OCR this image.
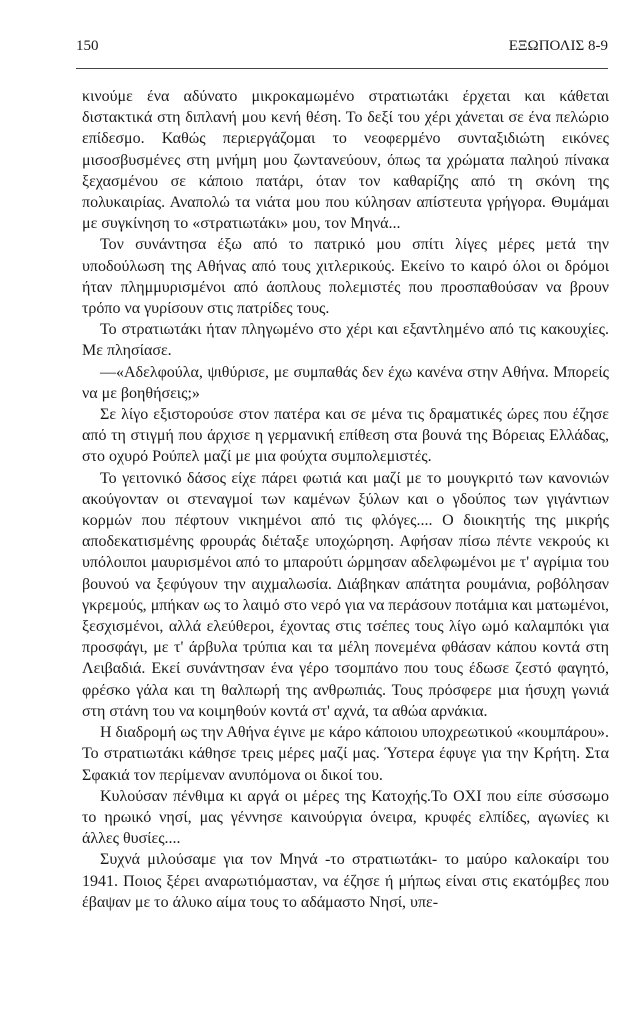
150	ΕΞΩΠΟΛΙΣ 8-9

κινούμε ένα αδύνατο μικροκαμωμένο στρατιωτάκι έρχεται και κάθεται διστακτικά στη διπλανή μου κενή θέση. Το δεξί του χέρι χάνεται σε ένα πελώριο επίδεσμο. Καθώς περιεργάζομαι το νεοφερμένο συνταξιδιώτη εικόνες μισοσβυσμένες στη μνήμη μου ζωντανεύουν, όπως τα χρώματα παληού πίνακα ξεχασμένου σε κάποιο πατάρι, όταν τον καθαρίζης από τη σκόνη της πολυκαιρίας. Αναπολώ τα νιάτα μου που κύλησαν απίστευτα γρήγορα. Θυμάμαι με συγκίνηση το «στρατιωτάκι» μου, τον Μηνά...

Τον συνάντησα έξω από το πατρικό μου σπίτι λίγες μέρες μετά την υποδούλωση της Αθήνας από τους χιτλερικούς. Εκείνο το καιρό όλοι οι δρόμοι ήταν πλημμυρισμένοι από άοπλους πολεμιστές που προσπαθούσαν να βρουν τρόπο να γυρίσουν στις πατρίδες τους.

Το στρατιωτάκι ήταν πληγωμένο στο χέρι και εξαντλημένο από τις κακουχίες. Με πλησίασε.

—«Αδελφούλα, ψιθύρισε, με συμπαθάς δεν έχω κανένα στην Αθήνα. Μπορείς να με βοηθήσεις;»

Σε λίγο εξιστορούσε στον πατέρα και σε μένα τις δραματικές ώρες που έζησε από τη στιγμή που άρχισε η γερμανική επίθεση στα βουνά της Βόρειας Ελλάδας, στο οχυρό Ρούπελ μαζί με μια φούχτα συμπολεμιστές.

Το γειτονικό δάσος είχε πάρει φωτιά και μαζί με το μουγκριτό των κανονιών ακούγονταν οι στεναγμοί των καμένων ξύλων και ο γδούπος των γιγάντιων κορμών που πέφτουν νικημένοι από τις φλόγες.... Ο διοικητής της μικρής αποδεκατισμένης φρουράς διέταξε υποχώρηση. Αφήσαν πίσω πέντε νεκρούς κι υπόλοιποι μαυρισμένοι από το μπαρούτι ώρμησαν αδελφωμένοι με τ' αγρίμια του βουνού να ξεφύγουν την αιχμαλωσία. Διάβηκαν απάτητα ρουμάνια, ροβόλησαν γκρεμούς, μπήκαν ως το λαιμό στο νερό για να περάσουν ποτάμια και ματωμένοι, ξεσχισμένοι, αλλά ελεύθεροι, έχοντας στις τσέπες τους λίγο ωμό καλαμπόκι για προσφάγι, με τ' άρβυλα τρύπια και τα μέλη πονεμένα φθάσαν κάπου κοντά στη Λειβαδιά. Εκεί συνάντησαν ένα γέρο τσομπάνο που τους έδωσε ζεστό φαγητό, φρέσκο γάλα και τη θαλπωρή της ανθρωπιάς. Τους πρόσφερε μια ήσυχη γωνιά στη στάνη του να κοιμηθούν κοντά στ' αχνά, τα αθώα αρνάκια.

Η διαδρομή ως την Αθήνα έγινε με κάρο κάποιου υποχρεωτικού «κουμπάρου». Το στρατιωτάκι κάθησε τρεις μέρες μαζί μας. Ύστερα έφυγε για την Κρήτη. Στα Σφακιά τον περίμεναν ανυπόμονα οι δικοί του.

Κυλούσαν πένθιμα κι αργά οι μέρες της Κατοχής.Το ΟΧΙ που είπε σύσσωμο το ηρωικό νησί, μας γέννησε καινούργια όνειρα, κρυφές ελπίδες, αγωνίες κι άλλες θυσίες....

Συχνά μιλούσαμε για τον Μηνά -το στρατιωτάκι- το μαύρο καλοκαίρι του 1941. Ποιος ξέρει αναρωτιόμασταν, να έζησε ή μήπως είναι στις εκατόμβες που έβαψαν με το άλυκο αίμα τους το αδάμαστο Νησί, υπε-
